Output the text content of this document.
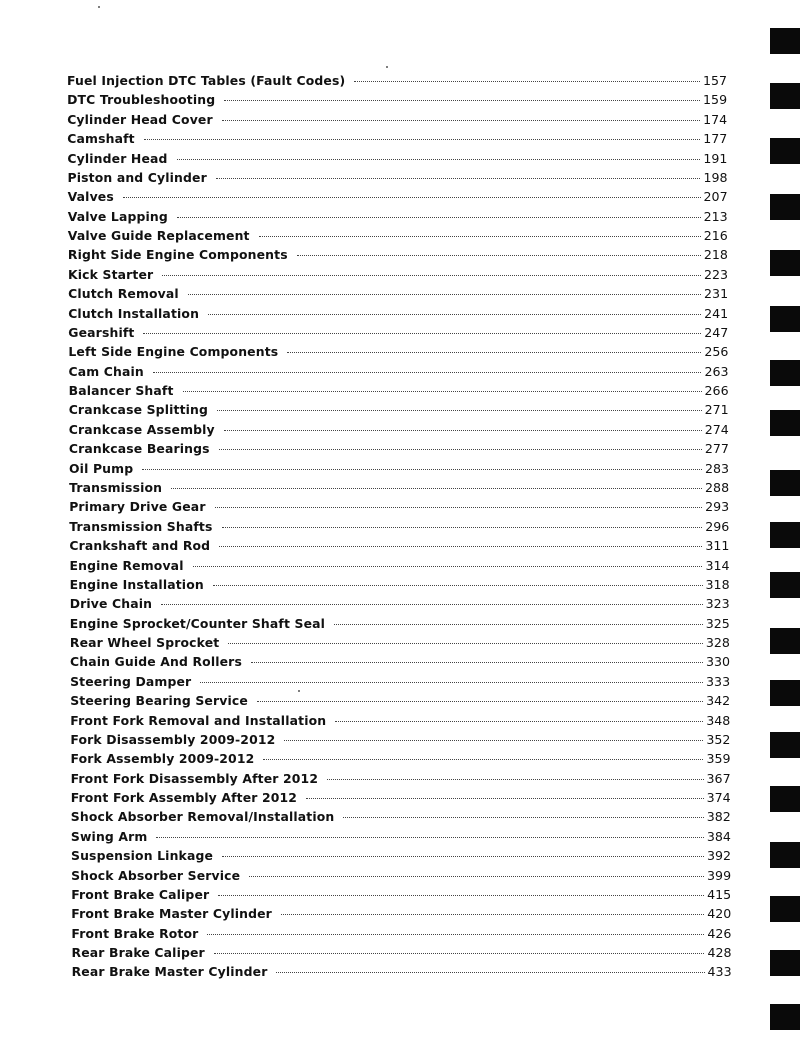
Fuel Injection DTC Tables (Fault Codes)	157
DTC Troubleshooting	159
Cylinder Head Cover	174
Camshaft	177
Cylinder Head	191
Piston and Cylinder	198
Valves	207
Valve Lapping	213
Valve Guide Replacement	216
Right Side Engine Components	218
Kick Starter	223
Clutch Removal	231
Clutch Installation	241
Gearshift	247
Left Side Engine Components	256
Cam Chain	263
Balancer Shaft	266
Crankcase Splitting	271
Crankcase Assembly	274
Crankcase Bearings	277
Oil Pump	283
Transmission	288
Primary Drive Gear	293
Transmission Shafts	296
Crankshaft and Rod	311
Engine Removal	314
Engine Installation	318
Drive Chain	323
Engine Sprocket/Counter Shaft Seal	325
Rear Wheel Sprocket	328
Chain Guide And Rollers	330
Steering Damper	333
Steering Bearing Service	342
Front Fork Removal and Installation	348
Fork Disassembly 2009-2012	352
Fork Assembly 2009-2012	359
Front Fork Disassembly After 2012	367
Front Fork Assembly After 2012	374
Shock Absorber Removal/Installation	382
Swing Arm	384
Suspension Linkage	392
Shock Absorber Service	399
Front Brake Caliper	415
Front Brake Master Cylinder	420
Front Brake Rotor	426
Rear Brake Caliper	428
Rear Brake Master Cylinder	433
